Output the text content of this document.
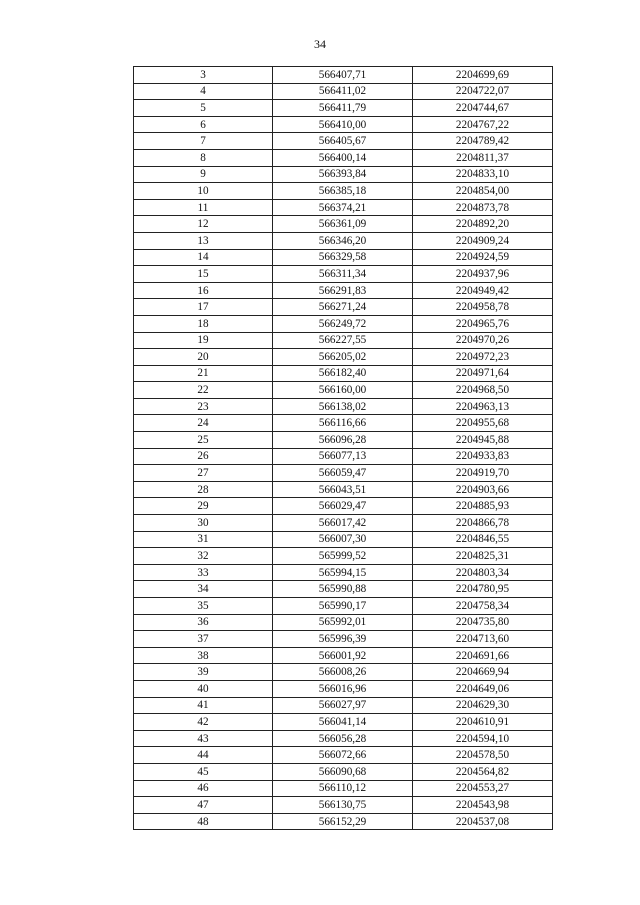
34
3	566407,71	2204699,69
4	566411,02	2204722,07
5	566411,79	2204744,67
6	566410,00	2204767,22
7	566405,67	2204789,42
8	566400,14	2204811,37
9	566393,84	2204833,10
10	566385,18	2204854,00
11	566374,21	2204873,78
12	566361,09	2204892,20
13	566346,20	2204909,24
14	566329,58	2204924,59
15	566311,34	2204937,96
16	566291,83	2204949,42
17	566271,24	2204958,78
18	566249,72	2204965,76
19	566227,55	2204970,26
20	566205,02	2204972,23
21	566182,40	2204971,64
22	566160,00	2204968,50
23	566138,02	2204963,13
24	566116,66	2204955,68
25	566096,28	2204945,88
26	566077,13	2204933,83
27	566059,47	2204919,70
28	566043,51	2204903,66
29	566029,47	2204885,93
30	566017,42	2204866,78
31	566007,30	2204846,55
32	565999,52	2204825,31
33	565994,15	2204803,34
34	565990,88	2204780,95
35	565990,17	2204758,34
36	565992,01	2204735,80
37	565996,39	2204713,60
38	566001,92	2204691,66
39	566008,26	2204669,94
40	566016,96	2204649,06
41	566027,97	2204629,30
42	566041,14	2204610,91
43	566056,28	2204594,10
44	566072,66	2204578,50
45	566090,68	2204564,82
46	566110,12	2204553,27
47	566130,75	2204543,98
48	566152,29	2204537,08
